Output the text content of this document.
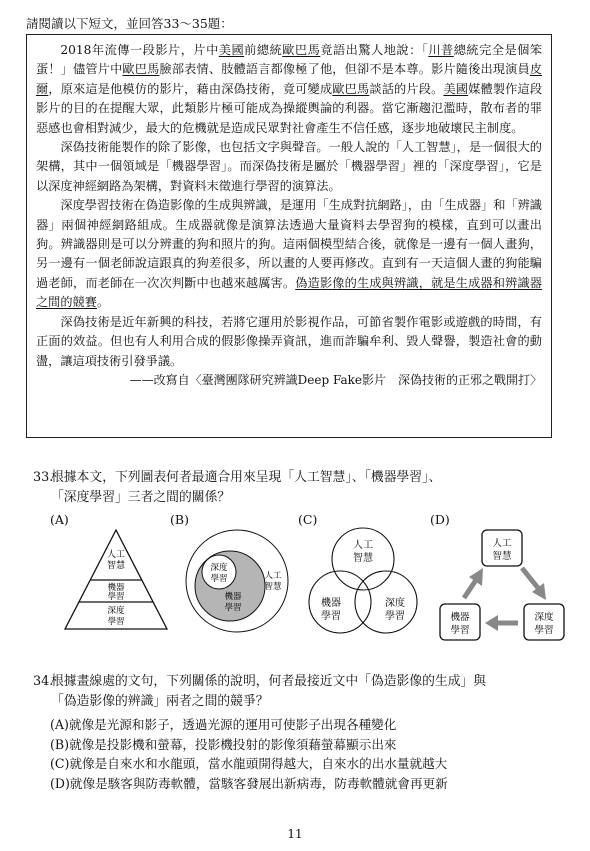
請閱讀以下短文，並回答33～35題：

2018年流傳一段影片，片中美國前總統歐巴馬竟語出驚人地說：「川普總統完全是個笨蛋！」儘管片中歐巴馬臉部表情、肢體語言都像極了他，但卻不是本尊。影片隨後出現演員皮爾，原來這是他模仿的影片，藉由深偽技術，竟可變成歐巴馬談話的片段。美國媒體製作這段影片的目的在提醒大眾，此類影片極可能成為操縱輿論的利器。當它漸趨氾濫時，散布者的罪惡感也會相對減少，最大的危機就是造成民眾對社會產生不信任感，逐步地破壞民主制度。

深偽技術能製作的除了影像，也包括文字與聲音。一般人說的「人工智慧」，是一個很大的架構，其中一個領域是「機器學習」。而深偽技術是屬於「機器學習」裡的「深度學習」，它是以深度神經網路為架構，對資料末徵進行學習的演算法。

深度學習技術在偽造影像的生成與辨識，是運用「生成對抗網路」，由「生成器」和「辨識器」兩個神經網路組成。生成器就像是演算法透過大量資料去學習狗的模樣，直到可以畫出狗。辨識器則是可以分辨畫的狗和照片的狗。這兩個模型結合後，就像是一邊有一個人畫狗，另一邊有一個老師說這跟真的狗差很多，所以畫的人要再修改。直到有一天這個人畫的狗能騙過老師，而老師在一次次判斷中也越來越厲害。偽造影像的生成與辨識，就是生成器和辨識器之間的競賽。

深偽技術是近年新興的科技，若將它運用於影視作品，可節省製作電影或遊戲的時間，有正面的效益。但也有人利用合成的假影像操弄資訊，進而詐騙牟利、毀人聲譽，製造社會的動盪，讓這項技術引發爭議。

——改寫自〈臺灣團隊研究辨識Deep Fake影片　深偽技術的正邪之戰開打〉

33.
根據本文，下列圖表何者最適合用來呈現「人工智慧」、「機器學習」、
「深度學習」三者之間的關係？
(A)	(B)	(C)	(D)
人工
智慧
機器
學習
深度
學習
深度
學習
機器
學習
人工
智慧
人工
智慧
機器
學習
深度
學習
人工
智慧
機器
學習
深度
學習
34.
根據畫線處的文句，下列關係的說明，何者最接近文中「偽造影像的生成」與
「偽造影像的辨識」兩者之間的競爭？
(A)就像是光源和影子，透過光源的運用可使影子出現各種變化
(B)就像是投影機和螢幕，投影機投射的影像須藉螢幕顯示出來
(C)就像是自來水和水龍頭，當水龍頭開得越大，自來水的出水量就越大
(D)就像是駭客與防毒軟體，當駭客發展出新病毒，防毒軟體就會再更新
11
